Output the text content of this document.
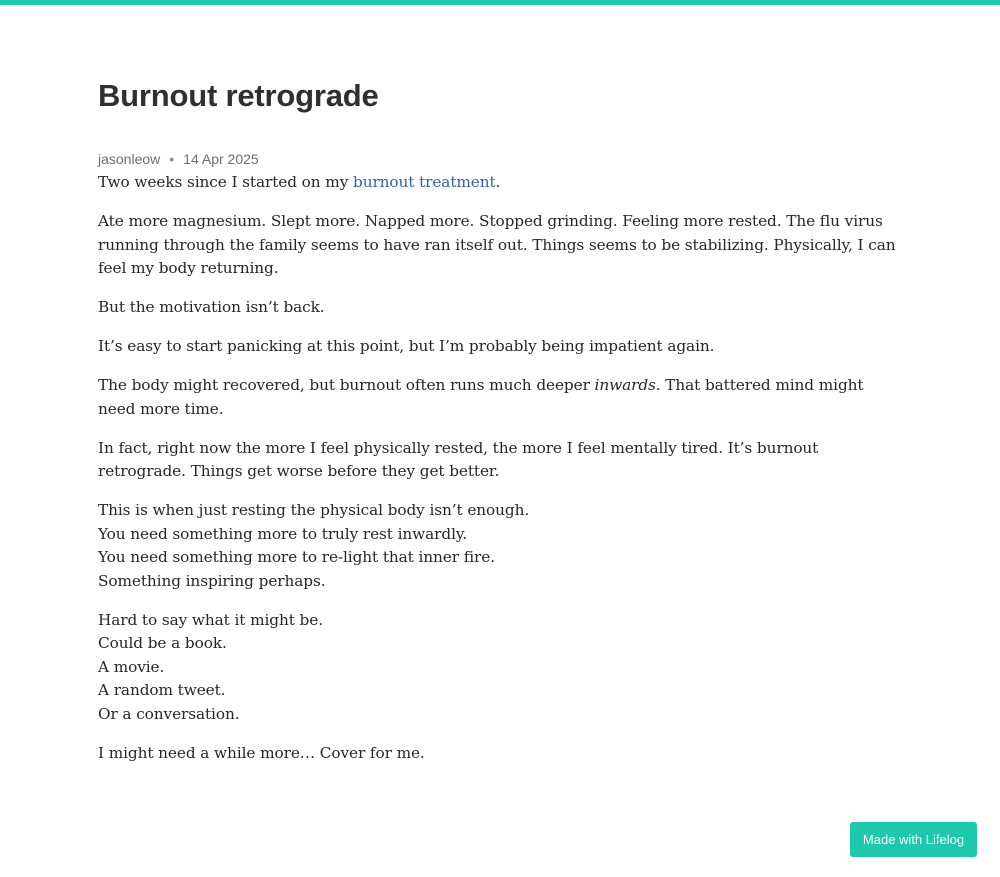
Burnout retrograde
jasonleow • 14 Apr 2025

Two weeks since I started on my burnout treatment.

Ate more magnesium. Slept more. Napped more. Stopped grinding. Feeling more rested. The flu virus running through the family seems to have ran itself out. Things seems to be stabilizing. Physically, I can feel my body returning.

But the motivation isn’t back.

It’s easy to start panicking at this point, but I’m probably being impatient again.

The body might recovered, but burnout often runs much deeper inwards. That battered mind might need more time.

In fact, right now the more I feel physically rested, the more I feel mentally tired. It’s burnout retrograde. Things get worse before they get better.

This is when just resting the physical body isn’t enough.
You need something more to truly rest inwardly.
You need something more to re-light that inner fire.
Something inspiring perhaps.

Hard to say what it might be.
Could be a book.
A movie.
A random tweet.
Or a conversation.

I might need a while more… Cover for me.

Made with Lifelog
